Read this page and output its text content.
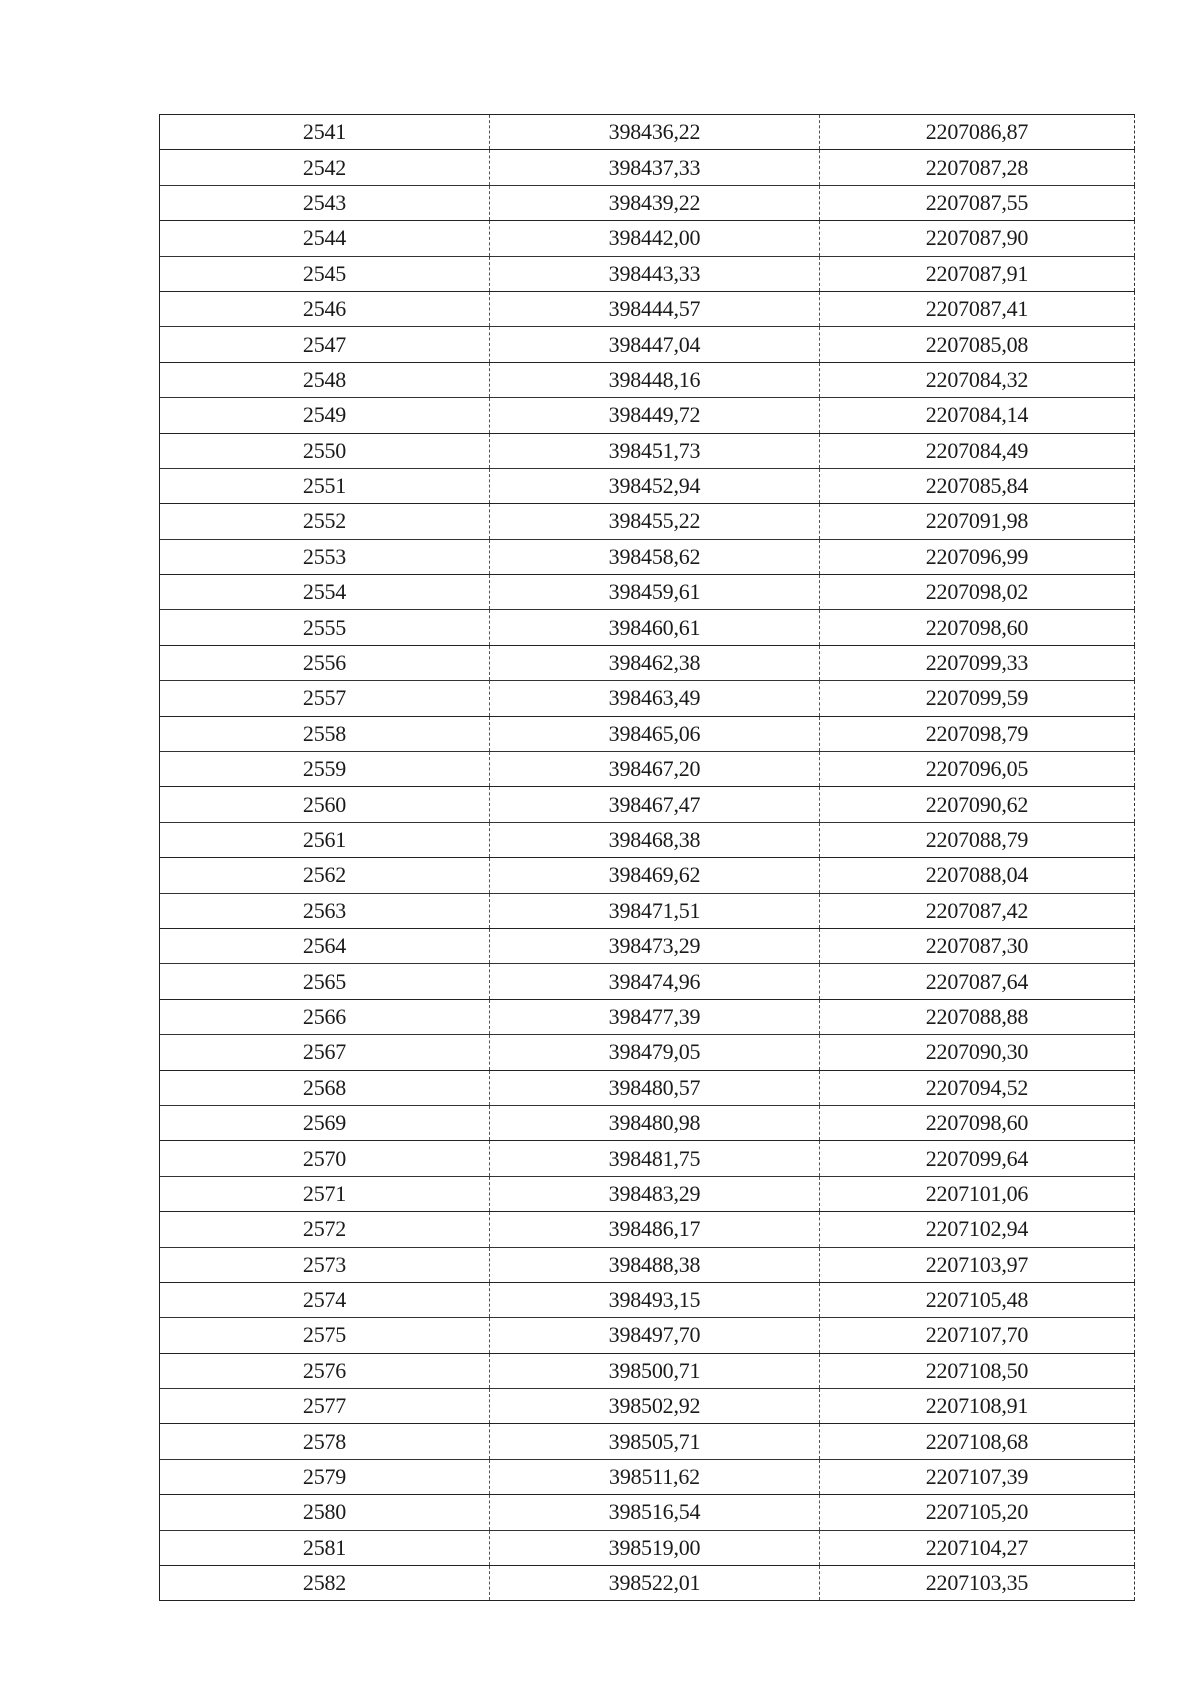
2541	398436,22	2207086,87
2542	398437,33	2207087,28
2543	398439,22	2207087,55
2544	398442,00	2207087,90
2545	398443,33	2207087,91
2546	398444,57	2207087,41
2547	398447,04	2207085,08
2548	398448,16	2207084,32
2549	398449,72	2207084,14
2550	398451,73	2207084,49
2551	398452,94	2207085,84
2552	398455,22	2207091,98
2553	398458,62	2207096,99
2554	398459,61	2207098,02
2555	398460,61	2207098,60
2556	398462,38	2207099,33
2557	398463,49	2207099,59
2558	398465,06	2207098,79
2559	398467,20	2207096,05
2560	398467,47	2207090,62
2561	398468,38	2207088,79
2562	398469,62	2207088,04
2563	398471,51	2207087,42
2564	398473,29	2207087,30
2565	398474,96	2207087,64
2566	398477,39	2207088,88
2567	398479,05	2207090,30
2568	398480,57	2207094,52
2569	398480,98	2207098,60
2570	398481,75	2207099,64
2571	398483,29	2207101,06
2572	398486,17	2207102,94
2573	398488,38	2207103,97
2574	398493,15	2207105,48
2575	398497,70	2207107,70
2576	398500,71	2207108,50
2577	398502,92	2207108,91
2578	398505,71	2207108,68
2579	398511,62	2207107,39
2580	398516,54	2207105,20
2581	398519,00	2207104,27
2582	398522,01	2207103,35
